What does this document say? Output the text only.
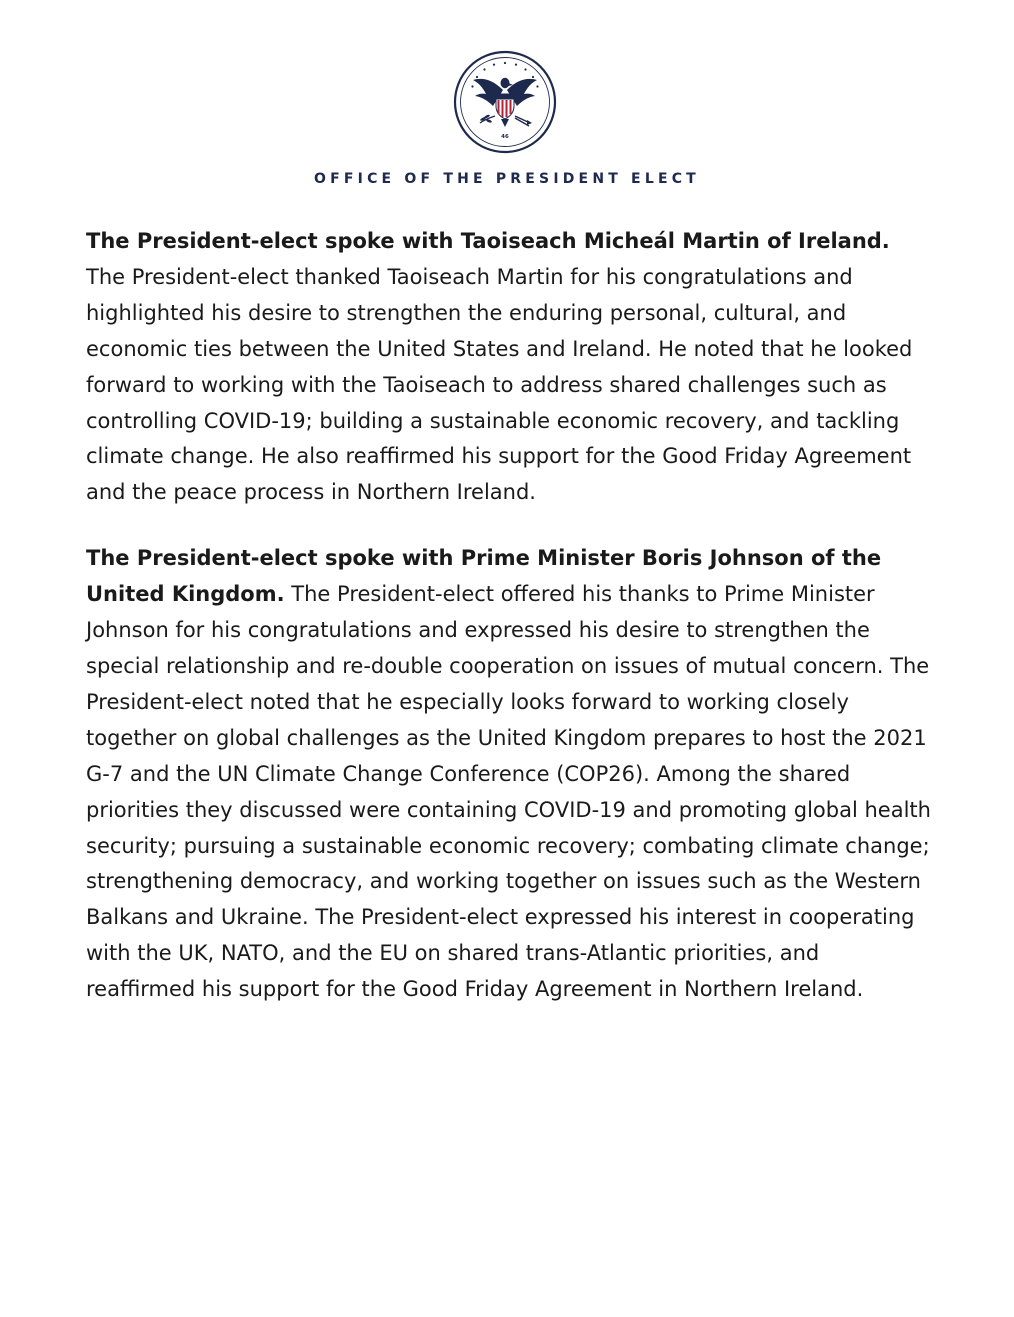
46
OFFICE OF THE PRESIDENT ELECT

The President-elect spoke with Taoiseach Micheál Martin of Ireland. The President-elect thanked Taoiseach Martin for his congratulations and highlighted his desire to strengthen the enduring personal, cultural, and economic ties between the United States and Ireland. He noted that he looked forward to working with the Taoiseach to address shared challenges such as controlling COVID-19; building a sustainable economic recovery, and tackling climate change. He also reaffirmed his support for the Good Friday Agreement and the peace process in Northern Ireland.

The President-elect spoke with Prime Minister Boris Johnson of the United Kingdom. The President-elect offered his thanks to Prime Minister Johnson for his congratulations and expressed his desire to strengthen the special relationship and re-double cooperation on issues of mutual concern. The President-elect noted that he especially looks forward to working closely together on global challenges as the United Kingdom prepares to host the 2021 G-7 and the UN Climate Change Conference (COP26). Among the shared priorities they discussed were containing COVID-19 and promoting global health security; pursuing a sustainable economic recovery; combating climate change; strengthening democracy, and working together on issues such as the Western Balkans and Ukraine. The President-elect expressed his interest in cooperating with the UK, NATO, and the EU on shared trans-Atlantic priorities, and reaffirmed his support for the Good Friday Agreement in Northern Ireland.
